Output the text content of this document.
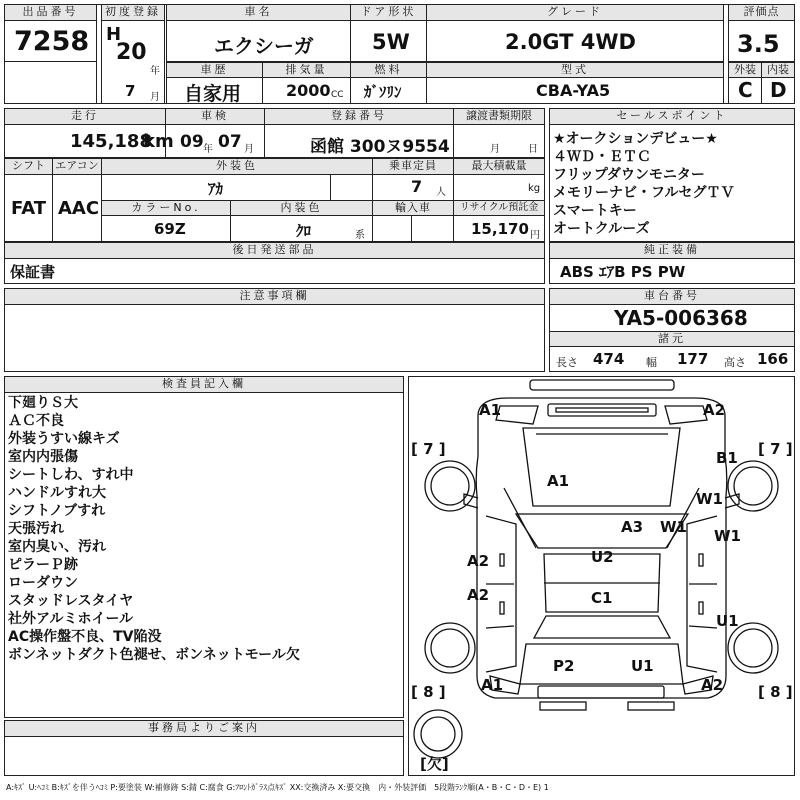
出品番号
7258
初度登録
H
20
年
7 月
車名
エクシーガ
ドア形状
5W
グレード
2.0GT 4WD
評価点
3.5
車歴
自家用
排気量
2000 CC
燃料
ｶﾞｿﾘﾝ
型式
CBA-YA5
外装
C
内装
D
走行
145,188
km
車検
09 年 07 月
登録番号
函館 300ヌ9554
譲渡書類期限
月	日
シフト
FAT
エアコン
AAC
外装色
ｱｶ
乗車定員
7 人
最大積載量
kg
カラーNo.
69Z
内装色
ｸﾛ	系
輸入車	リサイクル預託金
15,170 円
後日発送部品
保証書
セールスポイント
★オークションデビュー★
４ＷＤ・ＥＴＣ
フリップダウンモニター
メモリーナビ・フルセグＴＶ
スマートキー
オートクルーズ
純正装備
ABS ｴｱB PS PW
注意事項欄	車台番号
YA5-006368
諸元
長さ 474 幅 177 高さ 166
検査員記入欄
下廻りＳ大
ＡＣ不良
外装うすい線キズ
室内内張傷
シートしわ、すれ中
ハンドルすれ大
シフトノブすれ
天張汚れ
室内臭い、汚れ
ピラーＰ跡
ローダウン
スタッドレスタイヤ
社外アルミホイール
AC操作盤不良、TV陥没
ボンネットダクト色褪せ、ボンネットモール欠
事務局よりご案内
[ 7 ]	[ 7 ]
[ 8 ]	[ 8 ]
[欠]
A1	A2
B1
A1
W1
A3 W1 W1
A2
A2
U2
C1
U1
P2	U1
A1	A2
A:ｷｽﾞ U:ﾍｺﾐ B:ｷｽﾞを伴うﾍｺﾐ P:要塗装 W:補修跡 S:錆 C:腐食 G:ﾌﾛﾝﾄｶﾞﾗｽ点ｷｽﾞ XX:交換済み X:要交換　内・外装評価　5段階ﾗﾝｸ順(A・B・C・D・E) 1
